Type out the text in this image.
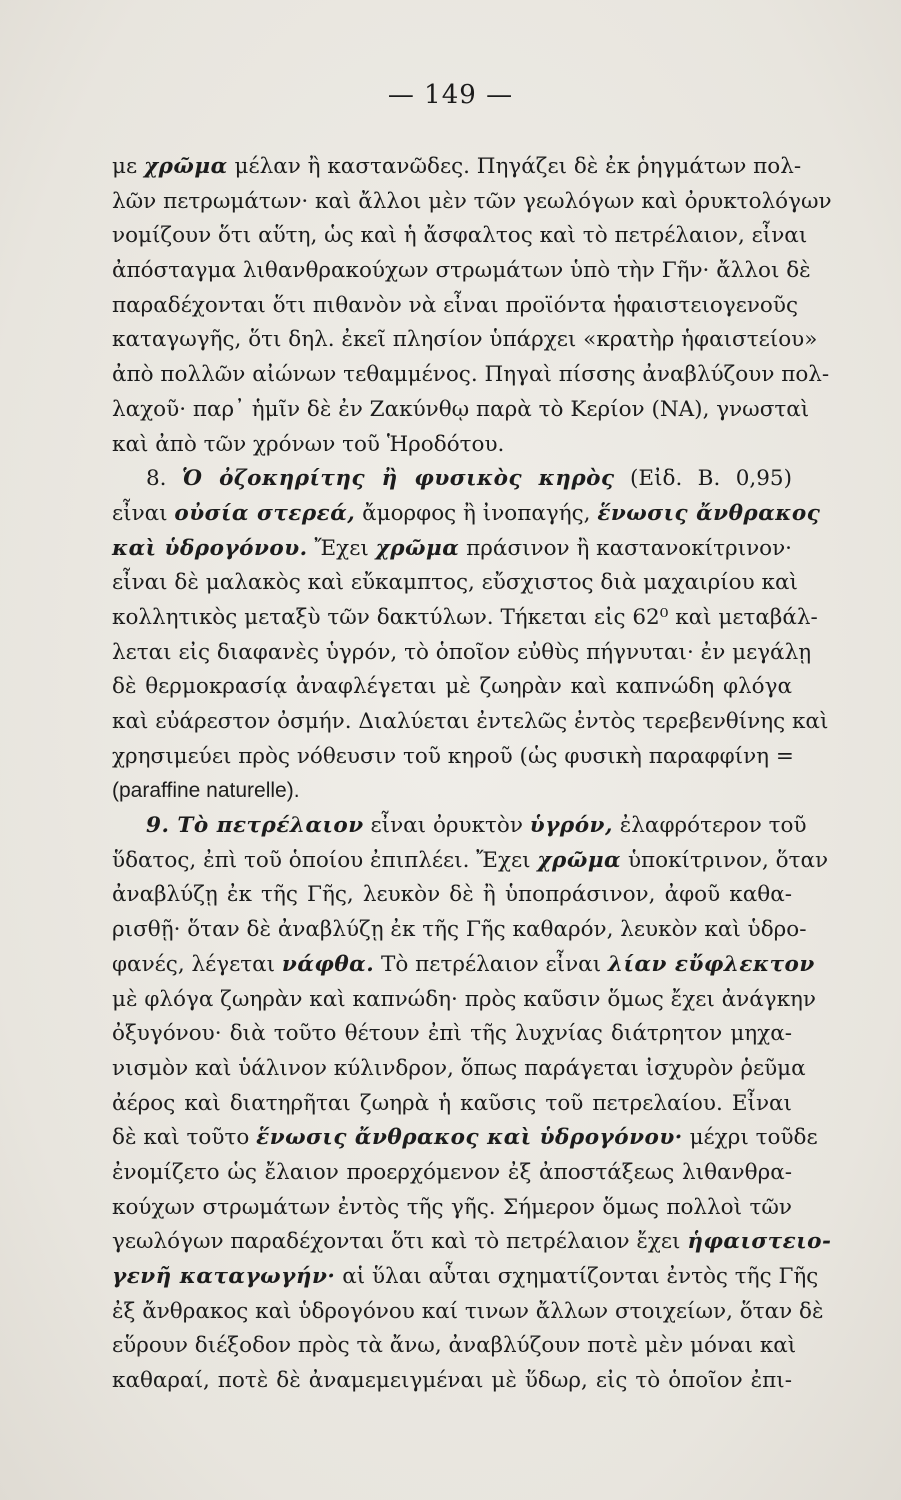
— 149 —
με χρῶμα μέλαν ἢ καστανῶδες. Πηγάζει δὲ ἐκ ῥηγμάτων πολ-
λῶν πετρωμάτων· καὶ ἄλλοι μὲν τῶν γεωλόγων καὶ ὀρυκτολόγων
νομίζουν ὅτι αὕτη, ὡς καὶ ἡ ἄσφαλτος καὶ τὸ πετρέλαιον, εἶναι
ἀπόσταγμα λιθανθρακούχων στρωμάτων ὑπὸ τὴν Γῆν· ἄλλοι δὲ
παραδέχονται ὅτι πιθανὸν νὰ εἶναι προϊόντα ἡφαιστειογενοῦς
καταγωγῆς, ὅτι δηλ. ἐκεῖ πλησίον ὑπάρχει «κρατὴρ ἡφαιστείου»
ἀπὸ πολλῶν αἰώνων τεθαμμένος. Πηγαὶ πίσσης ἀναβλύζουν πολ-
λαχοῦ· παρ᾽ ἡμῖν δὲ ἐν Ζακύνθῳ παρὰ τὸ Κερίον (ΝΑ), γνωσταὶ
καὶ ἀπὸ τῶν χρόνων τοῦ Ἡροδότου.
8. Ὁ ὀζοκηρίτης ἢ φυσικὸς κηρὸς (Εἰδ. Β. 0,95)
εἶναι οὐσία στερεά, ἄμορφος ἢ ἰνοπαγής, ἕνωσις ἄνθρακος
καὶ ὑδρογόνου. Ἔχει χρῶμα πράσινον ἢ καστανοκίτρινον·
εἶναι δὲ μαλακὸς καὶ εὔκαμπτος, εὔσχιστος διὰ μαχαιρίου καὶ
κολλητικὸς μεταξὺ τῶν δακτύλων. Τήκεται εἰς 62⁰ καὶ μεταβάλ-
λεται εἰς διαφανὲς ὑγρόν, τὸ ὁποῖον εὐθὺς πήγνυται· ἐν μεγάλῃ
δὲ θερμοκρασίᾳ ἀναφλέγεται μὲ ζωηρὰν καὶ καπνώδη φλόγα
καὶ εὐάρεστον ὀσμήν. Διαλύεται ἐντελῶς ἐντὸς τερεβενθίνης καὶ
χρησιμεύει πρὸς νόθευσιν τοῦ κηροῦ (ὡς φυσικὴ παραφφίνη =
(paraffine naturelle).
9. Τὸ πετρέλαιον εἶναι ὀρυκτὸν ὑγρόν, ἐλαφρότερον τοῦ
ὕδατος, ἐπὶ τοῦ ὁποίου ἐπιπλέει. Ἔχει χρῶμα ὑποκίτρινον, ὅταν
ἀναβλύζῃ ἐκ τῆς Γῆς, λευκὸν δὲ ἢ ὑποπράσινον, ἀφοῦ καθα-
ρισθῇ· ὅταν δὲ ἀναβλύζῃ ἐκ τῆς Γῆς καθαρόν, λευκὸν καὶ ὑδρο-
φανές, λέγεται νάφθα. Τὸ πετρέλαιον εἶναι λίαν εὔφλεκτον
μὲ φλόγα ζωηρὰν καὶ καπνώδη· πρὸς καῦσιν ὅμως ἔχει ἀνάγκην
ὀξυγόνου· διὰ τοῦτο θέτουν ἐπὶ τῆς λυχνίας διάτρητον μηχα-
νισμὸν καὶ ὑάλινον κύλινδρον, ὅπως παράγεται ἰσχυρὸν ῥεῦμα
ἀέρος καὶ διατηρῆται ζωηρὰ ἡ καῦσις τοῦ πετρελαίου. Εἶναι
δὲ καὶ τοῦτο ἕνωσις ἄνθρακος καὶ ὑδρογόνου· μέχρι τοῦδε
ἐνομίζετο ὡς ἔλαιον προερχόμενον ἐξ ἀποστάξεως λιθανθρα-
κούχων στρωμάτων ἐντὸς τῆς γῆς. Σήμερον ὅμως πολλοὶ τῶν
γεωλόγων παραδέχονται ὅτι καὶ τὸ πετρέλαιον ἔχει ἡφαιστειο-
γενῆ καταγωγήν· αἱ ὕλαι αὗται σχηματίζονται ἐντὸς τῆς Γῆς
ἐξ ἄνθρακος καὶ ὑδρογόνου καί τινων ἄλλων στοιχείων, ὅταν δὲ
εὕρουν διέξοδον πρὸς τὰ ἄνω, ἀναβλύζουν ποτὲ μὲν μόναι καὶ
καθαραί, ποτὲ δὲ ἀναμεμειγμέναι μὲ ὕδωρ, εἰς τὸ ὁποῖον ἐπι-
